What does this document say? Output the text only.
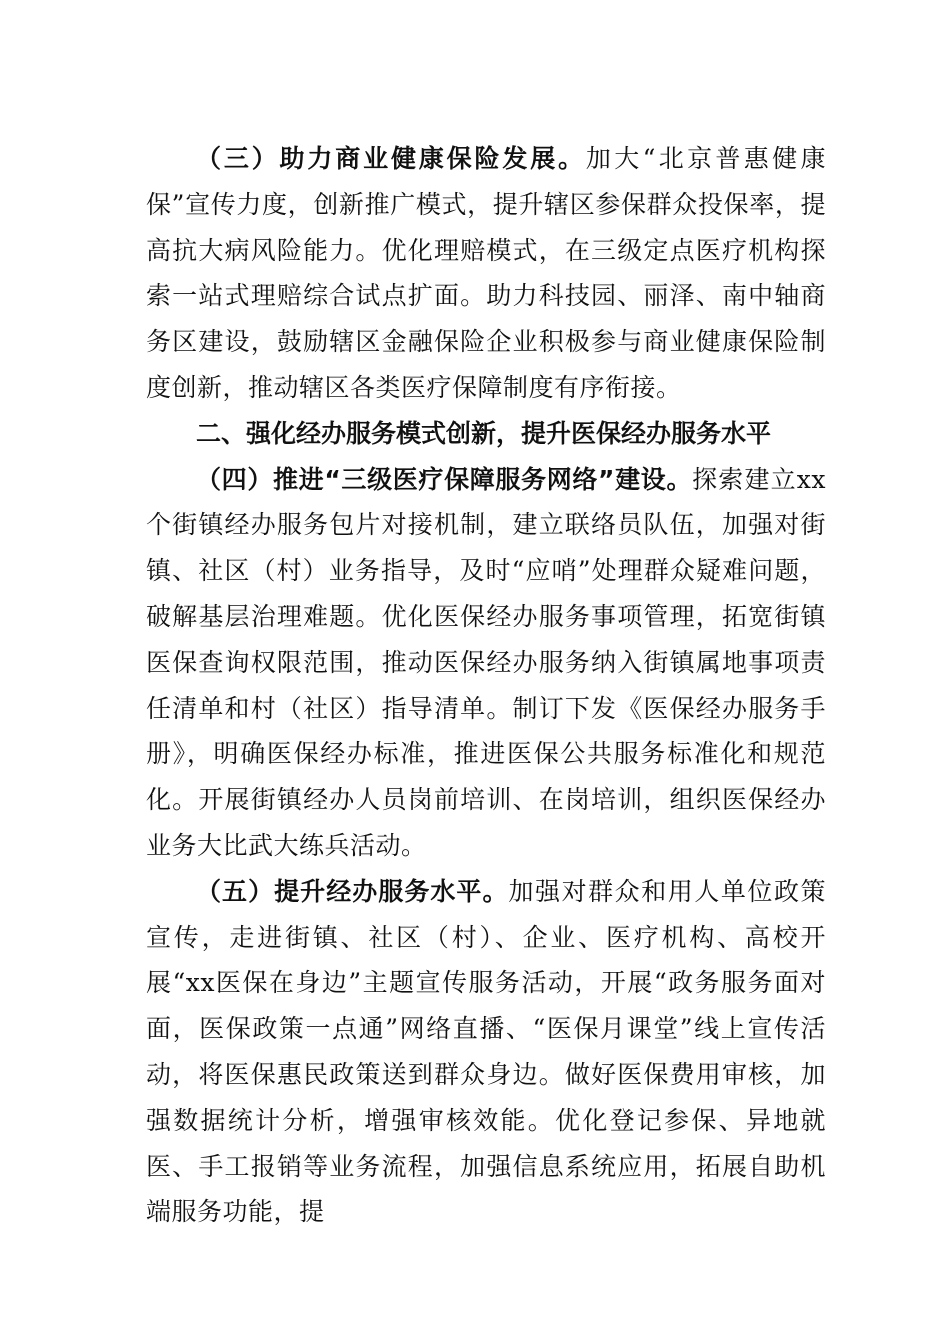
（三）助力商业健康保险发展。加大“北京普惠健康保”宣传力度，创新推广模式，提升辖区参保群众投保率，提高抗大病风险能力。优化理赔模式，在三级定点医疗机构探索一站式理赔综合试点扩面。助力科技园、丽泽、南中轴商务区建设，鼓励辖区金融保险企业积极参与商业健康保险制度创新，推动辖区各类医疗保障制度有序衔接。

二、强化经办服务模式创新，提升医保经办服务水平

（四）推进“三级医疗保障服务网络”建设。探索建立xx个街镇经办服务包片对接机制，建立联络员队伍，加强对街镇、社区（村）业务指导，及时“应哨”处理群众疑难问题，破解基层治理难题。优化医保经办服务事项管理，拓宽街镇医保查询权限范围，推动医保经办服务纳入街镇属地事项责任清单和村（社区）指导清单。制订下发《医保经办服务手册》，明确医保经办标准，推进医保公共服务标准化和规范化。开展街镇经办人员岗前培训、在岗培训，组织医保经办业务大比武大练兵活动。

（五）提升经办服务水平。加强对群众和用人单位政策宣传，走进街镇、社区（村）、企业、医疗机构、高校开展“xx医保在身边”主题宣传服务活动，开展“政务服务面对面，医保政策一点通”网络直播、“医保月课堂”线上宣传活动，将医保惠民政策送到群众身边。做好医保费用审核，加强数据统计分析，增强审核效能。优化登记参保、异地就医、手工报销等业务流程，加强信息系统应用，拓展自助机端服务功能，提
